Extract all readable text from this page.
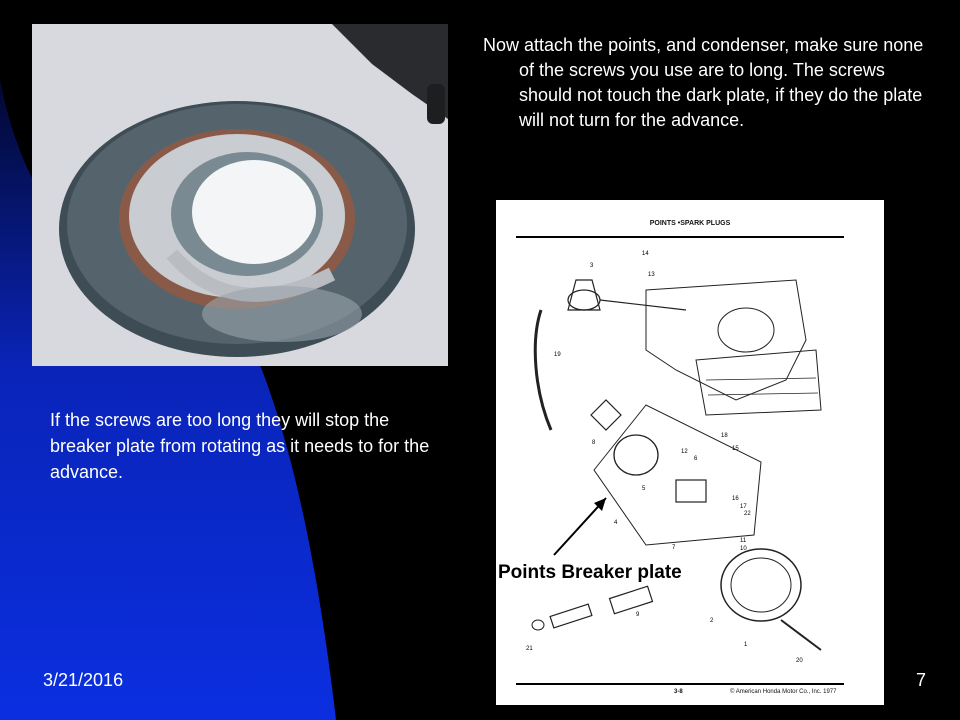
Now attach the points, and condenser, make sure none of the screws you use are to long. The screws should not touch the dark plate, if they do the plate will not turn for the advance.

If the screws are too long they will stop the breaker plate from rotating as it needs to for the advance.

POINTS •SPARK PLUGS
Points Breaker plate
3-8	© American Honda Motor Co., Inc. 1977
14
13
3
19
8
18
15
12
6
5
4
16
17
22
7
11
10
9
2
1
21
20
3/21/2016	7
